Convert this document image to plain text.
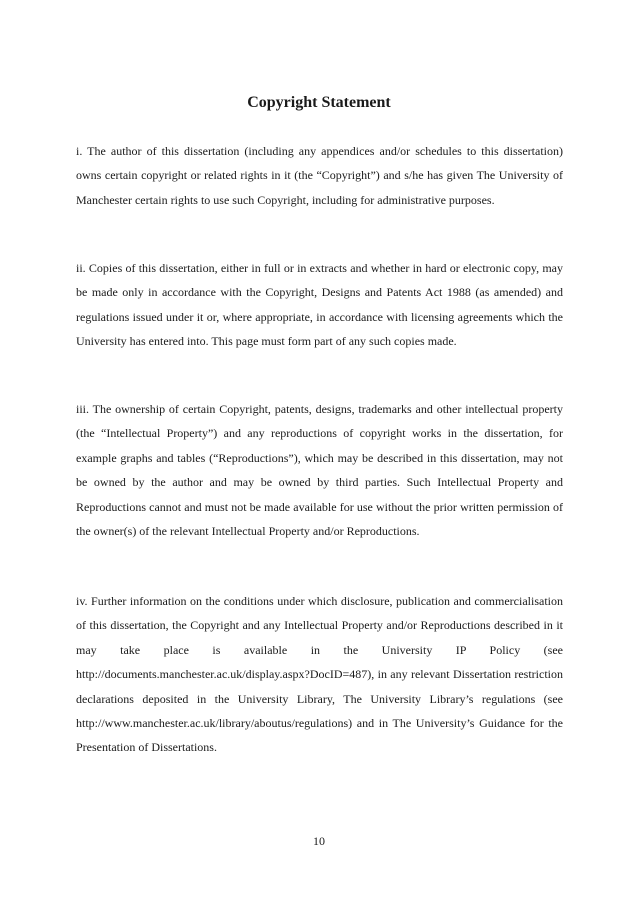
Copyright Statement

i. The author of this dissertation (including any appendices and/or schedules to this dissertation) owns certain copyright or related rights in it (the “Copyright”) and s/he has given The University of Manchester certain rights to use such Copyright, including for administrative purposes.

ii. Copies of this dissertation, either in full or in extracts and whether in hard or electronic copy, may be made only in accordance with the Copyright, Designs and Patents Act 1988 (as amended) and regulations issued under it or, where appropriate, in accordance with licensing agreements which the University has entered into. This page must form part of any such copies made.

iii. The ownership of certain Copyright, patents, designs, trademarks and other intellectual property (the “Intellectual Property”) and any reproductions of copyright works in the dissertation, for example graphs and tables (“Reproductions”), which may be described in this dissertation, may not be owned by the author and may be owned by third parties. Such Intellectual Property and Reproductions cannot and must not be made available for use without the prior written permission of the owner(s) of the relevant Intellectual Property and/or Reproductions.

iv. Further information on the conditions under which disclosure, publication and commercialisation of this dissertation, the Copyright and any Intellectual Property and/or Reproductions described in it may take place is available in the University IP Policy (see http://documents.manchester.ac.uk/display.aspx?DocID=487), in any relevant Dissertation restriction declarations deposited in the University Library, The University Library’s regulations (see http://www.manchester.ac.uk/library/aboutus/regulations) and in The University’s Guidance for the Presentation of Dissertations.

10
